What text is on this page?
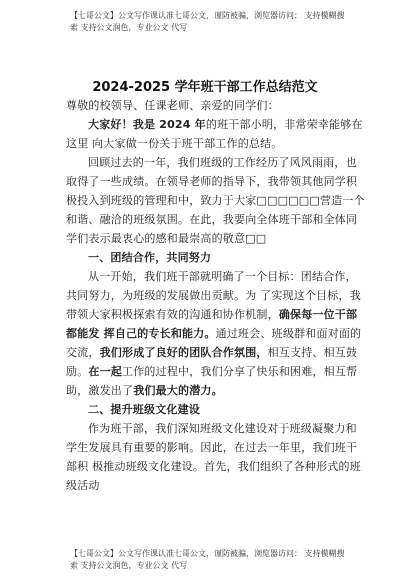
【七哥公文】公文写作课认准七哥公文，谨防被骗，浏览器访问： 支持模糊搜
索 支持公文润色，专业公文 代写
2024-2025 学年班干部工作总结范文

尊敬的校领导、任课老师、亲爱的同学们：

大家好！我是 2024 年的班干部小明，非常荣幸能够在这里 向大家做一份关于班干部工作的总结。

回顾过去的一年，我们班级的工作经历了风风雨雨，也取得了一些成绩。在领导老师的指导下，我带领其他同学积极投入到班级的管理和中，致力于大家□□□□□□营造一个和谐、融洽的班级氛围。在此，我要向全体班干部和全体同学们表示最衷心的感和最崇高的敬意□□

一、团结合作，共同努力

从一开始，我们班干部就明确了一个目标：团结合作，共同努力，为班级的发展做出贡献。为 了实现这个目标，我带领大家积极探索有效的沟通和协作机制，确保每一位干部都能发 挥自己的专长和能力。通过班会、班级群和面对面的交流，我们形成了良好的团队合作氛围，相互支持、相互鼓励。在一起工作的过程中，我们分享了快乐和困难，相互帮助，激发出了我们最大的潜力。

二、提升班级文化建设

作为班干部，我们深知班级文化建设对于班级凝聚力和学生发展具有重要的影响。因此，在过去一年里，我们班干部积 极推动班级文化建设。首先，我们组织了各种形式的班级活动

【七哥公文】公文写作课认准七哥公文，谨防被骗，浏览器访问： 支持模糊搜
索 支持公文润色，专业公文 代写
